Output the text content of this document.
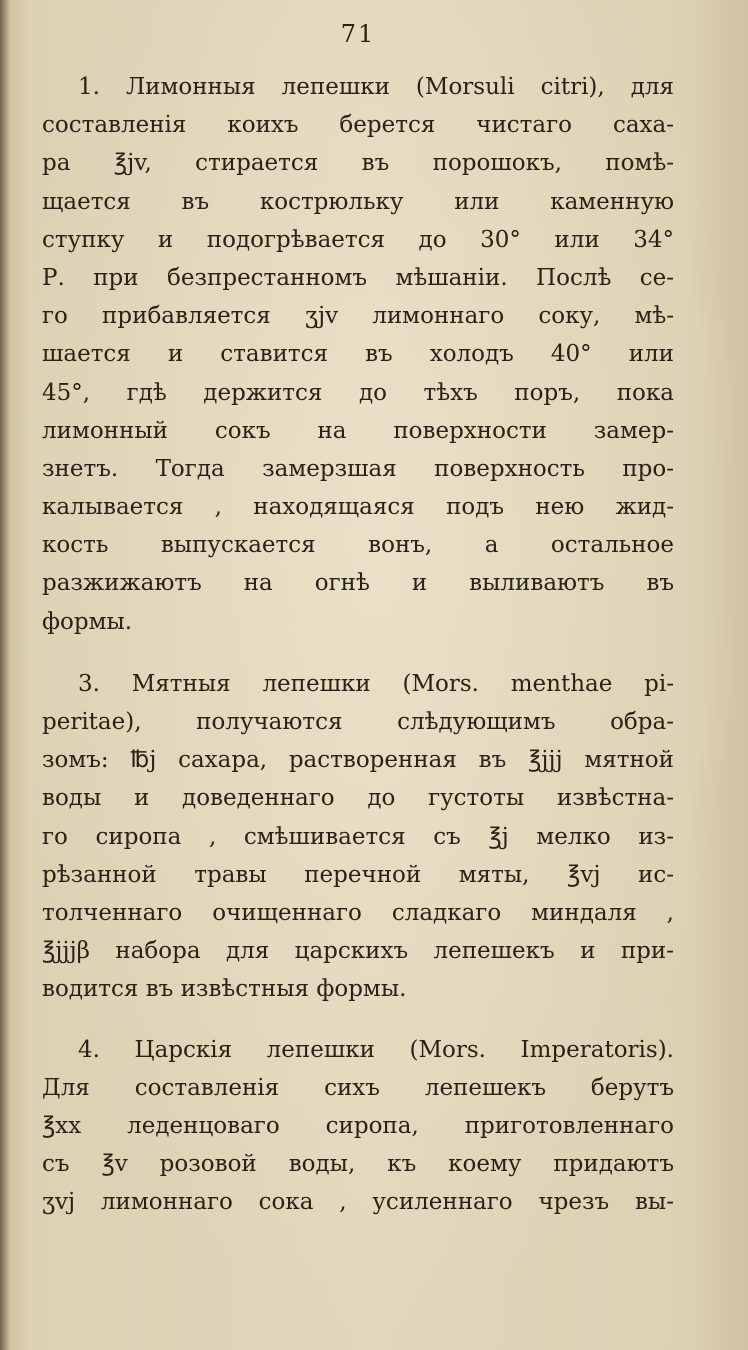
71
1. Лимонныя лепешки (Morsuli citri), для
составленія коихъ берется чистаго саха-
ра ℥jv, стирается въ порошокъ, помѣ-
щается въ кострюльку или каменную
ступку и подогрѣвается до 30° или 34°
Р. при безпрестанномъ мѣшаніи. Послѣ се-
го прибавляется ʒjv лимоннаго соку, мѣ-
шается и ставится въ холодъ 40° или
45°, гдѣ держится до тѣхъ поръ, пока
лимонный сокъ на поверхности замер-
знетъ. Тогда замерзшая поверхность про-
калывается , находящаяся подъ нею жид-
кость выпускается вонъ, а остальное
разжижаютъ на огнѣ и выливаютъ въ
формы.
3. Мятныя лепешки (Mors. menthae pi-
peritae), получаются слѣдующимъ обра-
зомъ: ℔j сахара, растворенная въ ℥jjj мятной
воды и доведеннаго до густоты извѣстна-
го сиропа , смѣшивается съ ℥j мелко из-
рѣзанной травы перечной мяты, ℥vj ис-
толченнаго очищеннаго сладкаго миндаля ,
℥jjjβ набора для царскихъ лепешекъ и при-
водится въ извѣстныя формы.
4. Царскія лепешки (Mors. Imperatoris).
Для составленія сихъ лепешекъ берутъ
℥xx леденцоваго сиропа, приготовленнаго
съ ℥v розовой воды, къ коему придаютъ
ʒvj лимоннаго сока , усиленнаго чрезъ вы-
